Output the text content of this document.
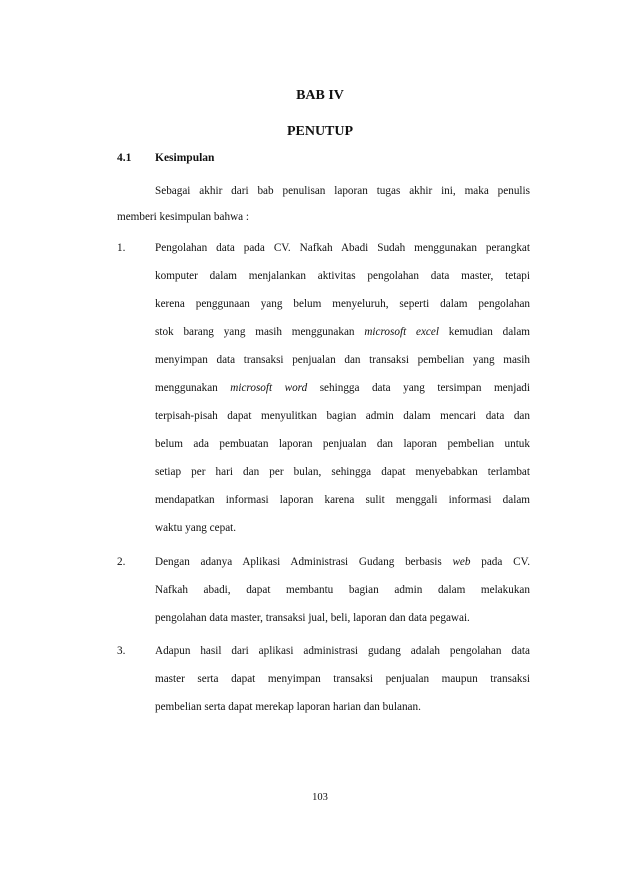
BAB IV
PENUTUP
4.1 Kesimpulan
Sebagai akhir dari bab penulisan laporan tugas akhir ini, maka penulis
memberi kesimpulan bahwa :
1.	Pengolahan data pada CV. Nafkah Abadi Sudah menggunakan perangkat
komputer dalam menjalankan aktivitas pengolahan data master, tetapi
kerena penggunaan yang belum menyeluruh, seperti dalam pengolahan
stok barang yang masih menggunakan microsoft excel kemudian dalam
menyimpan data transaksi penjualan dan transaksi pembelian yang masih
menggunakan microsoft word sehingga data yang tersimpan menjadi
terpisah-pisah dapat menyulitkan bagian admin dalam mencari data dan
belum ada pembuatan laporan penjualan dan laporan pembelian untuk
setiap per hari dan per bulan, sehingga dapat menyebabkan terlambat
mendapatkan informasi laporan karena sulit menggali informasi dalam
waktu yang cepat.
2.	Dengan adanya Aplikasi Administrasi Gudang berbasis web pada CV.
Nafkah abadi, dapat membantu bagian admin dalam melakukan
pengolahan data master, transaksi jual, beli, laporan dan data pegawai.
3.	Adapun hasil dari aplikasi administrasi gudang adalah pengolahan data
master serta dapat menyimpan transaksi penjualan maupun transaksi
pembelian serta dapat merekap laporan harian dan bulanan.
103
